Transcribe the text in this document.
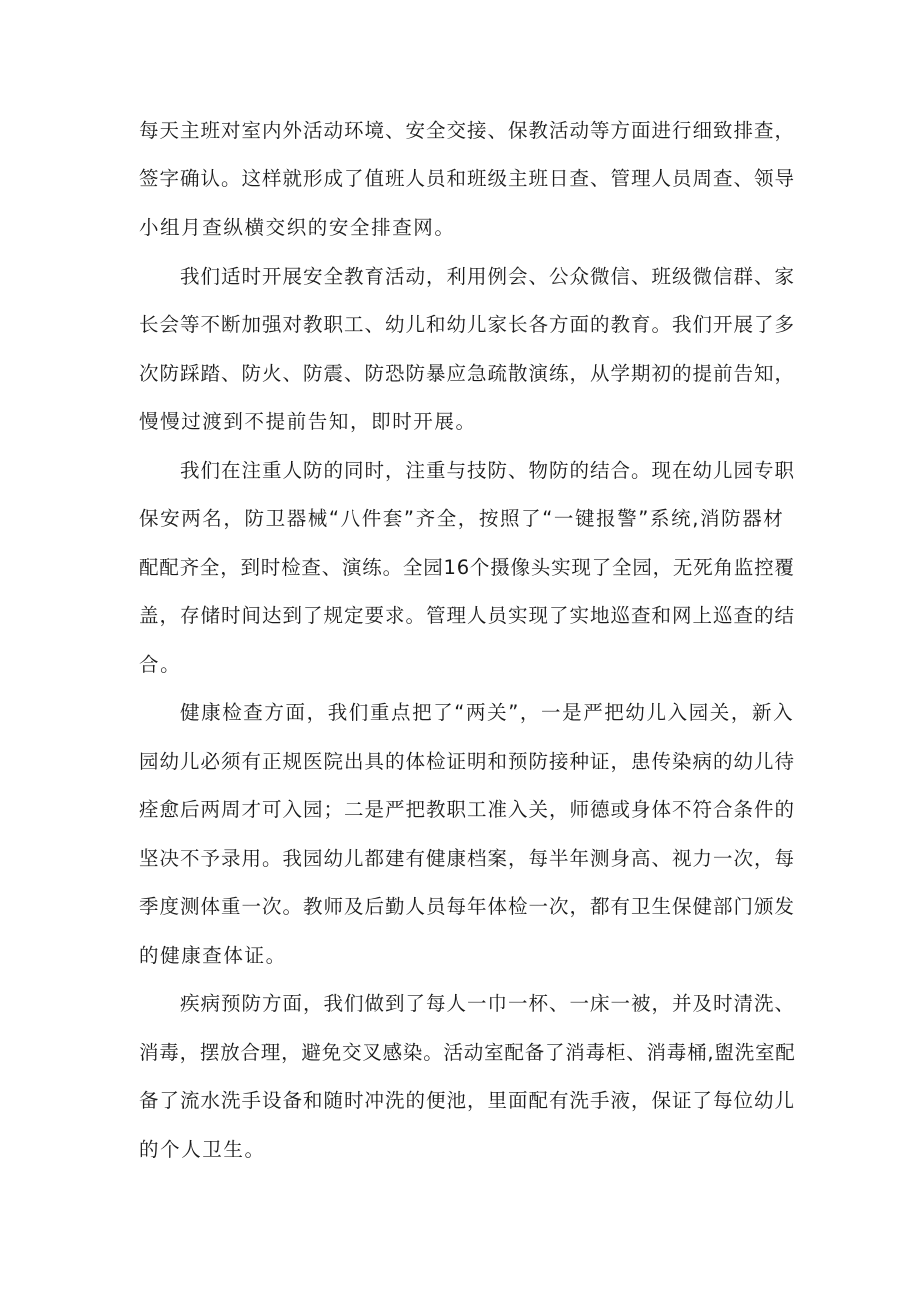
每天主班对室内外活动环境、安全交接、保教活动等方面进行细致排查，

签字确认。这样就形成了值班人员和班级主班日查、管理人员周查、领导

小组月查纵横交织的安全排查网。

我们适时开展安全教育活动，利用例会、公众微信、班级微信群、家

长会等不断加强对教职工、幼儿和幼儿家长各方面的教育。我们开展了多

次防踩踏、防火、防震、防恐防暴应急疏散演练，从学期初的提前告知，

慢慢过渡到不提前告知，即时开展。

我们在注重人防的同时，注重与技防、物防的结合。现在幼儿园专职

保安两名，防卫器械“八件套”齐全，按照了“一键报警”系统,消防器材

配配齐全，到时检查、演练。全园16个摄像头实现了全园，无死角监控覆

盖，存储时间达到了规定要求。管理人员实现了实地巡查和网上巡查的结

合。

健康检查方面，我们重点把了“两关”，一是严把幼儿入园关，新入

园幼儿必须有正规医院出具的体检证明和预防接种证，患传染病的幼儿待

痊愈后两周才可入园；二是严把教职工准入关，师德或身体不符合条件的

坚决不予录用。我园幼儿都建有健康档案，每半年测身高、视力一次，每

季度测体重一次。教师及后勤人员每年体检一次，都有卫生保健部门颁发

的健康查体证。

疾病预防方面，我们做到了每人一巾一杯、一床一被，并及时清洗、

消毒，摆放合理，避免交叉感染。活动室配备了消毒柜、消毒桶,盥洗室配

备了流水洗手设备和随时冲洗的便池，里面配有洗手液，保证了每位幼儿

的个人卫生。
